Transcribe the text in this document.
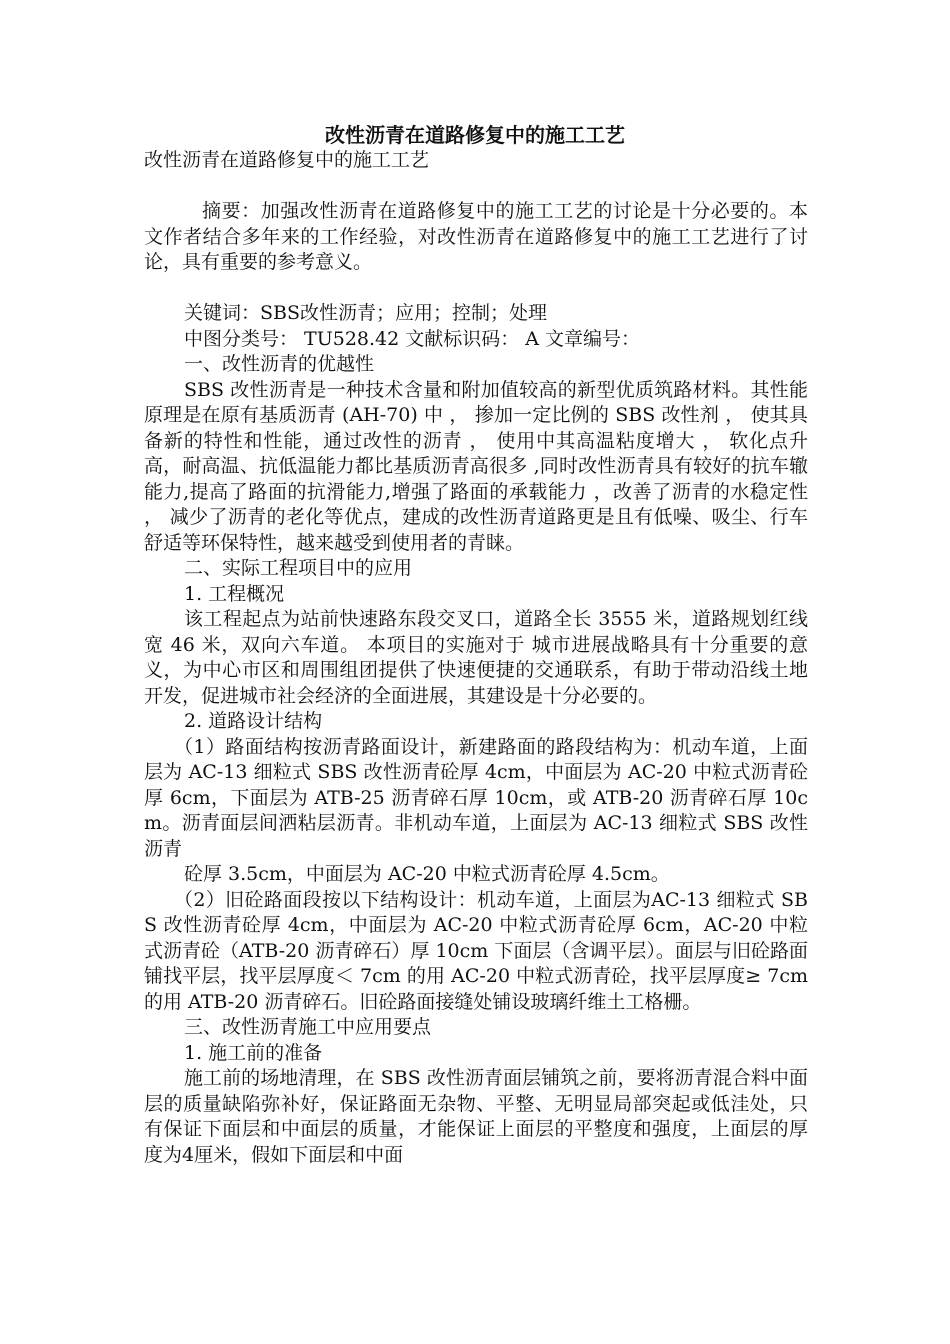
改性沥青在道路修复中的施工工艺

改性沥青在道路修复中的施工工艺

摘要：加强改性沥青在道路修复中的施工工艺的讨论是十分必要的。本文作者结合多年来的工作经验，对改性沥青在道路修复中的施工工艺进行了讨论，具有重要的参考意义。

关键词：SBS改性沥青；应用；控制；处理

中图分类号： TU528.42 文献标识码： A 文章编号：

一、改性沥青的优越性

SBS 改性沥青是一种技术含量和附加值较高的新型优质筑路材料。其性能原理是在原有基质沥青 (AH-70) 中 ， 掺加一定比例的 SBS 改性剂 ， 使其具备新的特性和性能，通过改性的沥青 ， 使用中其高温粘度增大 ， 软化点升高，耐高温、抗低温能力都比基质沥青高很多 ,同时改性沥青具有较好的抗车辙能力,提高了路面的抗滑能力,增强了路面的承载能力 ，改善了沥青的水稳定性 ， 减少了沥青的老化等优点，建成的改性沥青道路更是且有低噪、吸尘、行车舒适等环保特性，越来越受到使用者的青睐。

二、实际工程项目中的应用

1. 工程概况

该工程起点为站前快速路东段交叉口，道路全长 3555 米，道路规划红线宽 46 米，双向六车道。 本项目的实施对于 城市进展战略具有十分重要的意义，为中心市区和周围组团提供了快速便捷的交通联系，有助于带动沿线土地开发，促进城市社会经济的全面进展，其建设是十分必要的。

2. 道路设计结构

（1）路面结构按沥青路面设计，新建路面的路段结构为：机动车道，上面层为 AC-13 细粒式 SBS 改性沥青砼厚 4cm，中面层为 AC-20 中粒式沥青砼厚 6cm，下面层为 ATB-25 沥青碎石厚 10cm，或 ATB-20 沥青碎石厚 10cm。沥青面层间洒粘层沥青。非机动车道，上面层为 AC-13 细粒式 SBS 改性沥青

砼厚 3.5cm，中面层为 AC-20 中粒式沥青砼厚 4.5cm。

（2）旧砼路面段按以下结构设计：机动车道，上面层为AC-13 细粒式 SBS 改性沥青砼厚 4cm，中面层为 AC-20 中粒式沥青砼厚 6cm，AC-20 中粒式沥青砼（ATB-20 沥青碎石）厚 10cm 下面层（含调平层）。面层与旧砼路面铺找平层，找平层厚度＜ 7cm 的用 AC-20 中粒式沥青砼，找平层厚度≥ 7cm 的用 ATB-20 沥青碎石。旧砼路面接缝处铺设玻璃纤维土工格栅。

三、改性沥青施工中应用要点

1. 施工前的准备

施工前的场地清理，在 SBS 改性沥青面层铺筑之前，要将沥青混合料中面层的质量缺陷弥补好，保证路面无杂物、平整、无明显局部突起或低洼处，只有保证下面层和中面层的质量，才能保证上面层的平整度和强度，上面层的厚度为4厘米，假如下面层和中面
